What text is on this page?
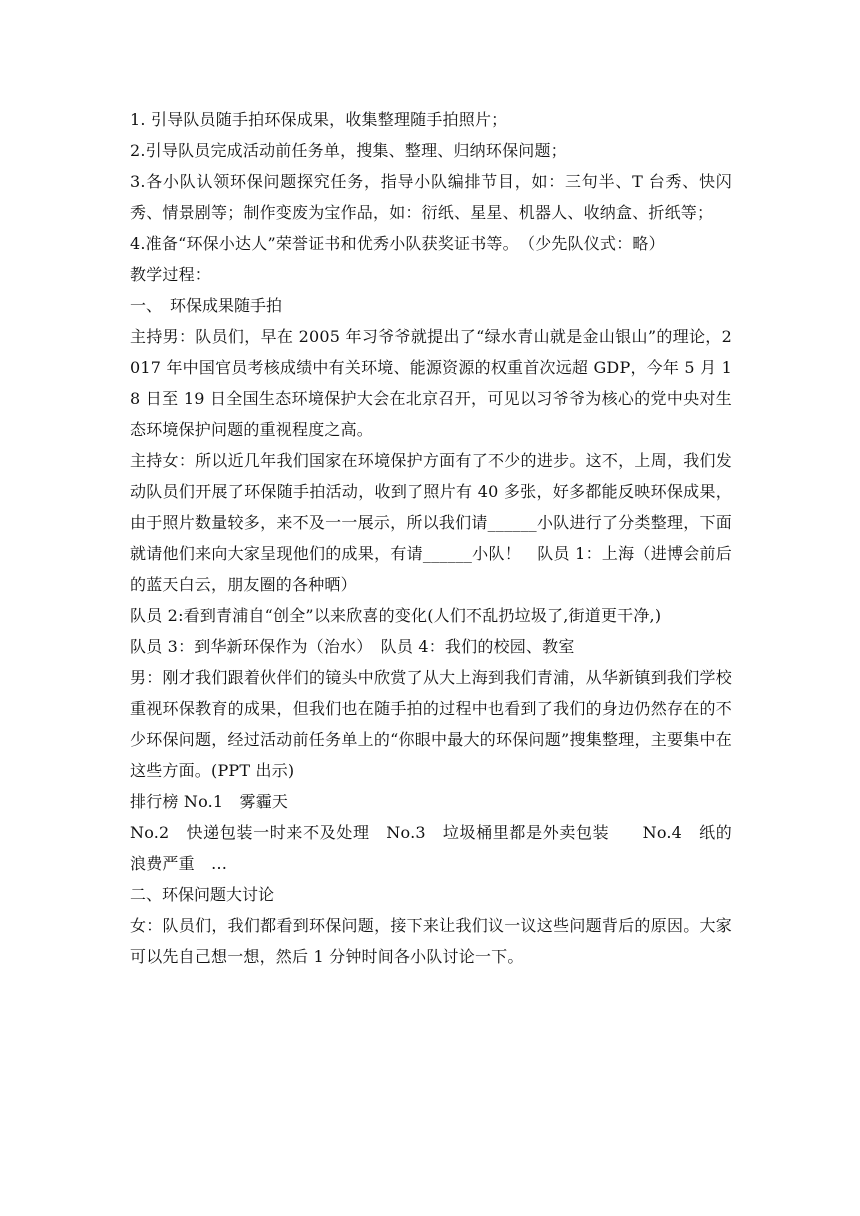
1. 引导队员随手拍环保成果，收集整理随手拍照片；

2.引导队员完成活动前任务单，搜集、整理、归纳环保问题；

3.各小队认领环保问题探究任务，指导小队编排节目，如：三句半、T 台秀、快闪秀、情景剧等；制作变废为宝作品，如：衍纸、星星、机器人、收纳盒、折纸等；

4.准备“环保小达人”荣誉证书和优秀小队获奖证书等。　（少先队仪式：略）

教学过程：

一、　环保成果随手拍

主持男：队员们，早在 2005 年习爷爷就提出了“绿水青山就是金山银山”的理论，2017 年中国官员考核成绩中有关环境、能源资源的权重首次远超 GDP，今年 5 月 18 日至 19 日全国生态环境保护大会在北京召开，可见以习爷爷为核心的党中央对生态环境保护问题的重视程度之高。

主持女：所以近几年我们国家在环境保护方面有了不少的进步。这不，上周，我们发动队员们开展了环保随手拍活动，收到了照片有 40 多张，好多都能反映环保成果，由于照片数量较多，来不及一一展示，所以我们请______小队进行了分类整理，下面就请他们来向大家呈现他们的成果，有请______小队！　队员 1：上海（进博会前后的蓝天白云，朋友圈的各种晒）

队员 2:看到青浦自“创全”以来欣喜的变化(人们不乱扔垃圾了,街道更干净,)

队员 3：到华新环保作为（治水）　队员 4：我们的校园、教室

男：刚才我们跟着伙伴们的镜头中欣赏了从大上海到我们青浦，从华新镇到我们学校重视环保教育的成果，但我们也在随手拍的过程中也看到了我们的身边仍然存在的不少环保问题，经过活动前任务单上的“你眼中最大的环保问题”搜集整理，主要集中在这些方面。(PPT 出示)

排行榜 No.1　雾霾天

No.2　快递包装一时来不及处理　No.3　垃圾桶里都是外卖包装　　No.4　纸的浪费严重　…

二、环保问题大讨论

女：队员们，我们都看到环保问题，接下来让我们议一议这些问题背后的原因。大家可以先自己想一想，然后 1 分钟时间各小队讨论一下。
